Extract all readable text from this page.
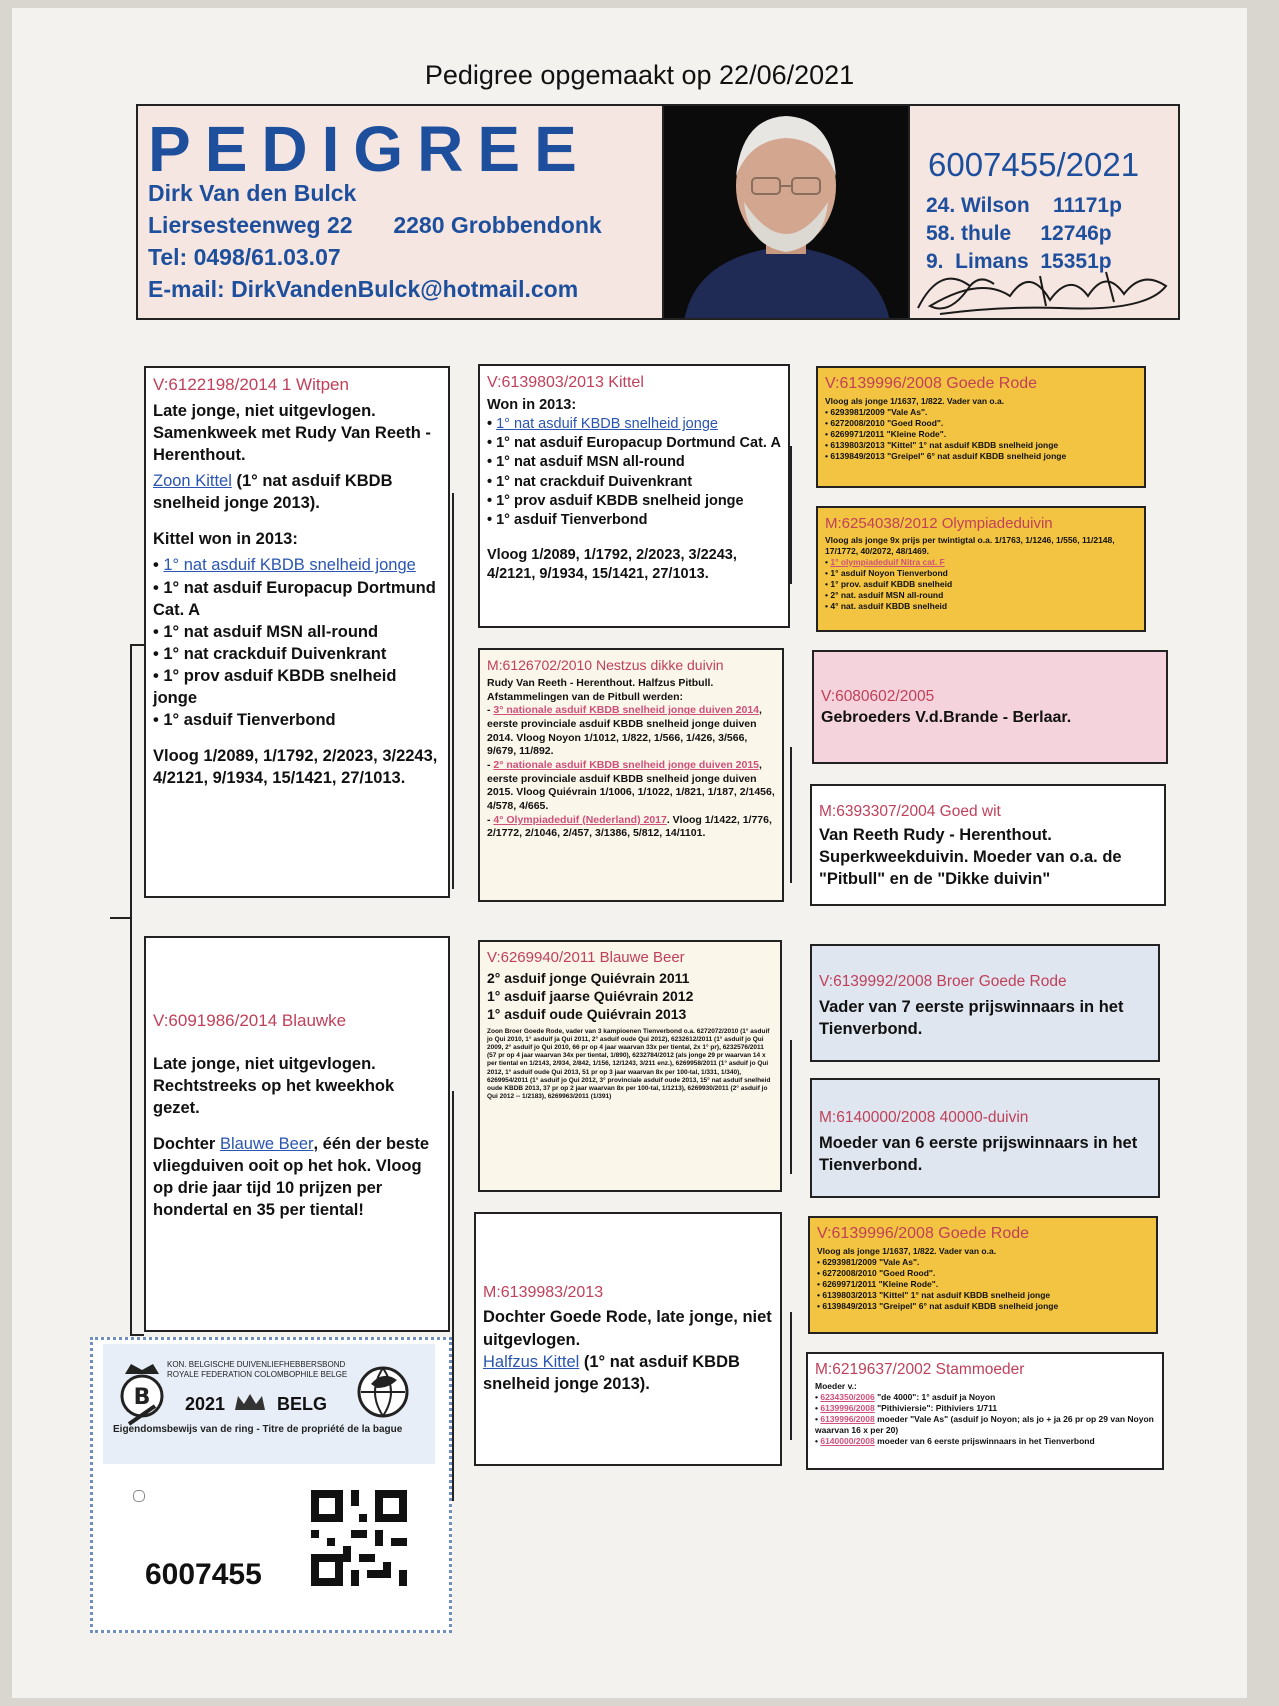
Pedigree opgemaakt op 22/06/2021
PEDIGREE
Dirk Van den Bulck
Liersesteenweg 22 2280 Grobbendonk
Tel: 0498/61.03.07
E-mail: DirkVandenBulck@hotmail.com
6007455/2021
24. Wilson    11171p
58. thule     12746p
9.  Limans  15351p
V:6122198/2014 1 Witpen

Late jonge, niet uitgevlogen. Samenkweek met Rudy Van Reeth - Herenthout.

Zoon Kittel (1° nat asduif KBDB snelheid jonge 2013).

Kittel won in 2013:

• 1° nat asduif KBDB snelheid jonge
• 1° nat asduif Europacup Dortmund Cat. A
• 1° nat asduif MSN all-round
• 1° nat crackduif Duivenkrant
• 1° prov asduif KBDB snelheid jonge
• 1° asduif Tienverbond

Vloog 1/2089, 1/1792, 2/2023, 3/2243, 4/2121, 9/1934, 15/1421, 27/1013.

V:6091986/2014 Blauwke

Late jonge, niet uitgevlogen. Rechtstreeks op het kweekhok gezet.

Dochter Blauwe Beer, één der beste vliegduiven ooit op het hok. Vloog op drie jaar tijd 10 prijzen per hondertal en 35 per tiental!

V:6139803/2013 Kittel

Won in 2013:

• 1° nat asduif KBDB snelheid jonge
• 1° nat asduif Europacup Dortmund Cat. A
• 1° nat asduif MSN all-round
• 1° nat crackduif Duivenkrant
• 1° prov asduif KBDB snelheid jonge
• 1° asduif Tienverbond

Vloog 1/2089, 1/1792, 2/2023, 3/2243, 4/2121, 9/1934, 15/1421, 27/1013.

M:6126702/2010 Nestzus dikke duivin

Rudy Van Reeth - Herenthout. Halfzus Pitbull. Afstammelingen van de Pitbull werden:

- 3° nationale asduif KBDB snelheid jonge duiven 2014, eerste provinciale asduif KBDB snelheid jonge duiven 2014. Vloog Noyon 1/1012, 1/822, 1/566, 1/426, 3/566, 9/679, 11/892.
- 2° nationale asduif KBDB snelheid jonge duiven 2015, eerste provinciale asduif KBDB snelheid jonge duiven 2015. Vloog Quiévrain 1/1006, 1/1022, 1/821, 1/187, 2/1456, 4/578, 4/665.
- 4° Olympiadeduif (Nederland) 2017. Vloog 1/1422, 1/776, 2/1772, 2/1046, 2/457, 3/1386, 5/812, 14/1101.
V:6269940/2011 Blauwe Beer
2° asduif jonge Quiévrain 2011
1° asduif jaarse Quiévrain 2012
1° asduif oude Quiévrain 2013

Zoon Broer Goede Rode, vader van 3 kampioenen Tienverbond o.a. 6272072/2010 (1° asduif jo Qui 2010, 1° asduif ja Qui 2011, 2° asduif oude Qui 2012), 6232612/2011 (1° asduif jo Qui 2009, 2° asduif jo Qui 2010, 66 pr op 4 jaar waarvan 33x per tiental, 2x 1° pr), 6232576/2011 (57 pr op 4 jaar waarvan 34x per tiental, 1/890), 6232784/2012 (als jonge 29 pr waarvan 14 x per tiental en 1/2143, 2/934, 2/842, 1/156, 12/1243, 3/211 enz.), 6269958/2011 (1° asduif jo Qui 2012, 1° asduif oude Qui 2013, 51 pr op 3 jaar waarvan 8x per 100-tal, 1/331, 1/340), 6269954/2011 (1° asduif jo Qui 2012, 3° provinciale asduif oude 2013, 15° nat asduif snelheid oude KBDB 2013, 37 pr op 2 jaar waarvan 8x per 100-tal, 1/1213), 6269930/2011 (2° asduif jo Qui 2012 -- 1/2183), 6269963/2011 (1/391)

M:6139983/2013

Dochter Goede Rode, late jonge, niet uitgevlogen.

Halfzus Kittel (1° nat asduif KBDB snelheid jonge 2013).

V:6139996/2008 Goede Rode
Vloog als jonge 1/1637, 1/822. Vader van o.a.
• 6293981/2009 "Vale As".
• 6272008/2010 "Goed Rood".
• 6269971/2011 "Kleine Rode".
• 6139803/2013 "Kittel" 1° nat asduif KBDB snelheid jonge
• 6139849/2013 "Greipel" 6° nat asduif KBDB snelheid jonge
M:6254038/2012 Olympiadeduivin
Vloog als jonge 9x prijs per twintigtal o.a. 1/1763, 1/1246, 1/556, 11/2148, 17/1772, 40/2072, 48/1469.
• 1° olympiadeduif Nitra cat. F
• 1° asduif Noyon Tienverbond
• 1° prov. asduif KBDB snelheid
• 2° nat. asduif MSN all-round
• 4° nat. asduif KBDB snelheid
V:6080602/2005

Gebroeders V.d.Brande - Berlaar.

M:6393307/2004 Goed wit

Van Reeth Rudy - Herenthout. Superkweekduivin. Moeder van o.a. de "Pitbull" en de "Dikke duivin"

V:6139992/2008 Broer Goede Rode

Vader van 7 eerste prijswinnaars in het Tienverbond.

M:6140000/2008 40000-duivin

Moeder van 6 eerste prijswinnaars in het Tienverbond.

V:6139996/2008 Goede Rode
Vloog als jonge 1/1637, 1/822. Vader van o.a.
• 6293981/2009 "Vale As".
• 6272008/2010 "Goed Rood".
• 6269971/2011 "Kleine Rode".
• 6139803/2013 "Kittel" 1° nat asduif KBDB snelheid jonge
• 6139849/2013 "Greipel" 6° nat asduif KBDB snelheid jonge
M:6219637/2002 Stammoeder
Moeder v.:
• 6234350/2006 "de 4000": 1° asduif ja Noyon
• 6139996/2008 "Pithiviersie": Pithiviers 1/711
• 6139996/2008 moeder "Vale As" (asduif jo Noyon; als jo + ja 26 pr op 29 van Noyon waarvan 16 x per 20)
• 6140000/2008 moeder van 6 eerste prijswinnaars in het Tienverbond
B
KON. BELGISCHE DUIVENLIEFHEBBERSBOND
ROYALE FEDERATION COLOMBOPHILE BELGE
2021	BELG
Eigendomsbewijs van de ring - Titre de propriété de la bague
6007455
